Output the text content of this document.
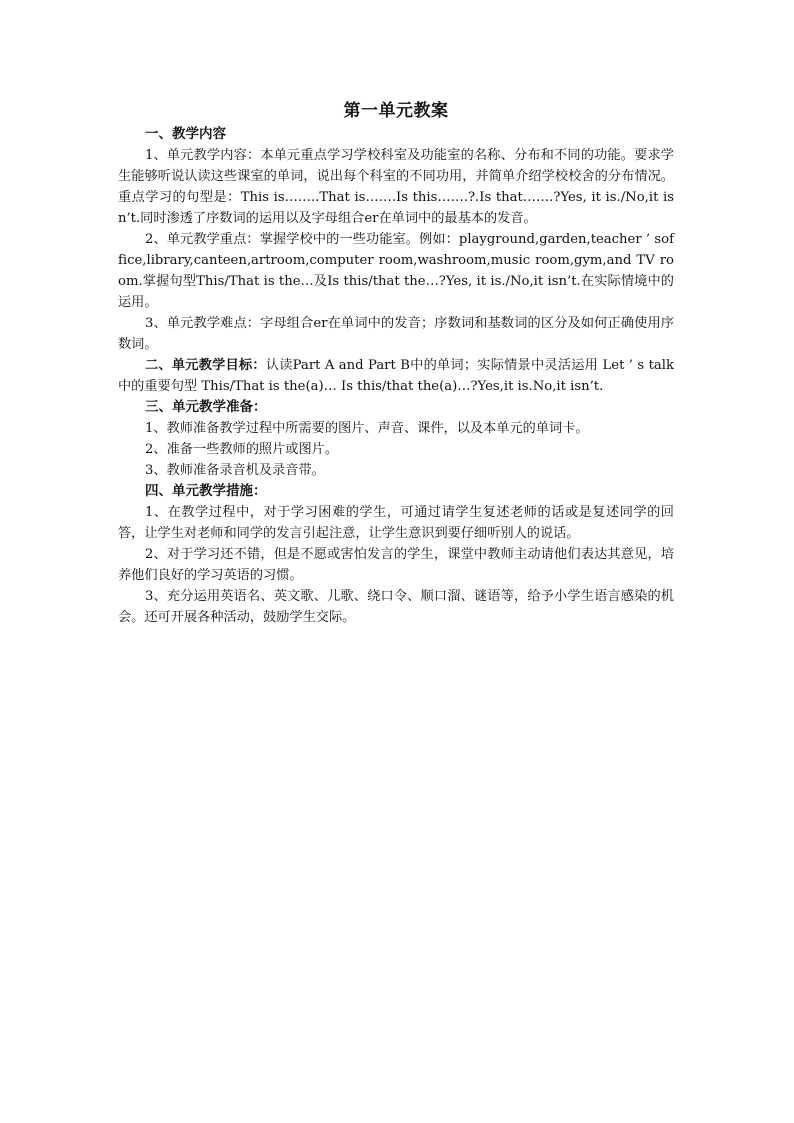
第一单元教案
一、教学内容

1、单元教学内容：本单元重点学习学校科室及功能室的名称、分布和不同的功能。要求学生能够听说认读这些课室的单词，说出每个科室的不同功用，并简单介绍学校校舍的分布情况。重点学习的句型是：This is……..That is…….Is this…….?.Is that…….?Yes, it is./No,it isn’t.同时渗透了序数词的运用以及字母组合er在单词中的最基本的发音。

2、单元教学重点：掌握学校中的一些功能室。例如：playground,garden,teacher ’ soffice,library,canteen,artroom,computer room,washroom,music room,gym,and TV room.掌握句型This/That is the…及Is this/that the…?Yes, it is./No,it isn’t.在实际情境中的运用。

3、单元教学难点：字母组合er在单词中的发音；序数词和基数词的区分及如何正确使用序数词。

二、单元教学目标：认读Part A and Part B中的单词；实际情景中灵活运用 Let ’ s talk 中的重要句型 This/That is the(a)… Is this/that the(a)…?Yes,it is.No,it isn’t.

三、单元教学准备：

1、教师准备教学过程中所需要的图片、声音、课件，以及本单元的单词卡。

2、准备一些教师的照片或图片。

3、教师准备录音机及录音带。

四、单元教学措施：

1、在教学过程中，对于学习困难的学生，可通过请学生复述老师的话或是复述同学的回答，让学生对老师和同学的发言引起注意，让学生意识到要仔细听别人的说话。

2、对于学习还不错，但是不愿或害怕发言的学生，课堂中教师主动请他们表达其意见，培养他们良好的学习英语的习惯。

3、充分运用英语名、英文歌、儿歌、绕口令、顺口溜、谜语等，给予小学生语言感染的机会。还可开展各种活动，鼓励学生交际。
